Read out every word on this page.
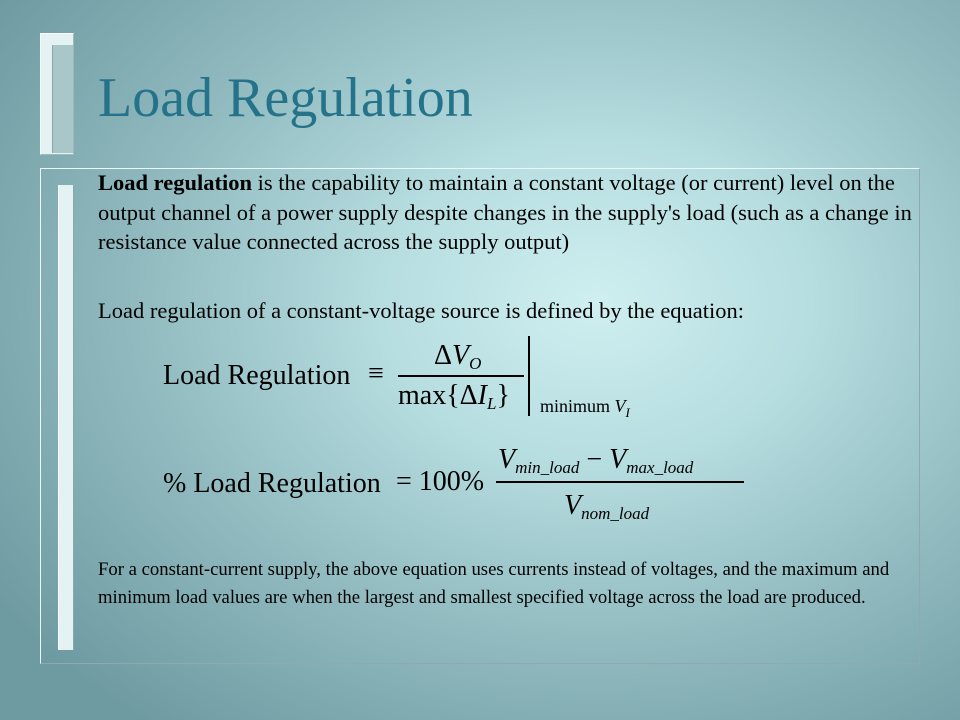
Load Regulation

Load regulation is the capability to maintain a constant voltage (or current) level on the output channel of a power supply despite changes in the supply's load (such as a change in resistance value connected across the supply output)

Load regulation of a constant-voltage source is defined by the equation:

Load Regulation ≡
$\Delta V_O$
$\max\{\Delta I_L\}$ minimum $V_I$
% Load Regulation = 100%
$V_{min\_load} - V_{max\_load}$
$V_{nom\_load}$

For a constant-current supply, the above equation uses currents instead of voltages, and the maximum and minimum load values are when the largest and smallest specified voltage across the load are produced.
